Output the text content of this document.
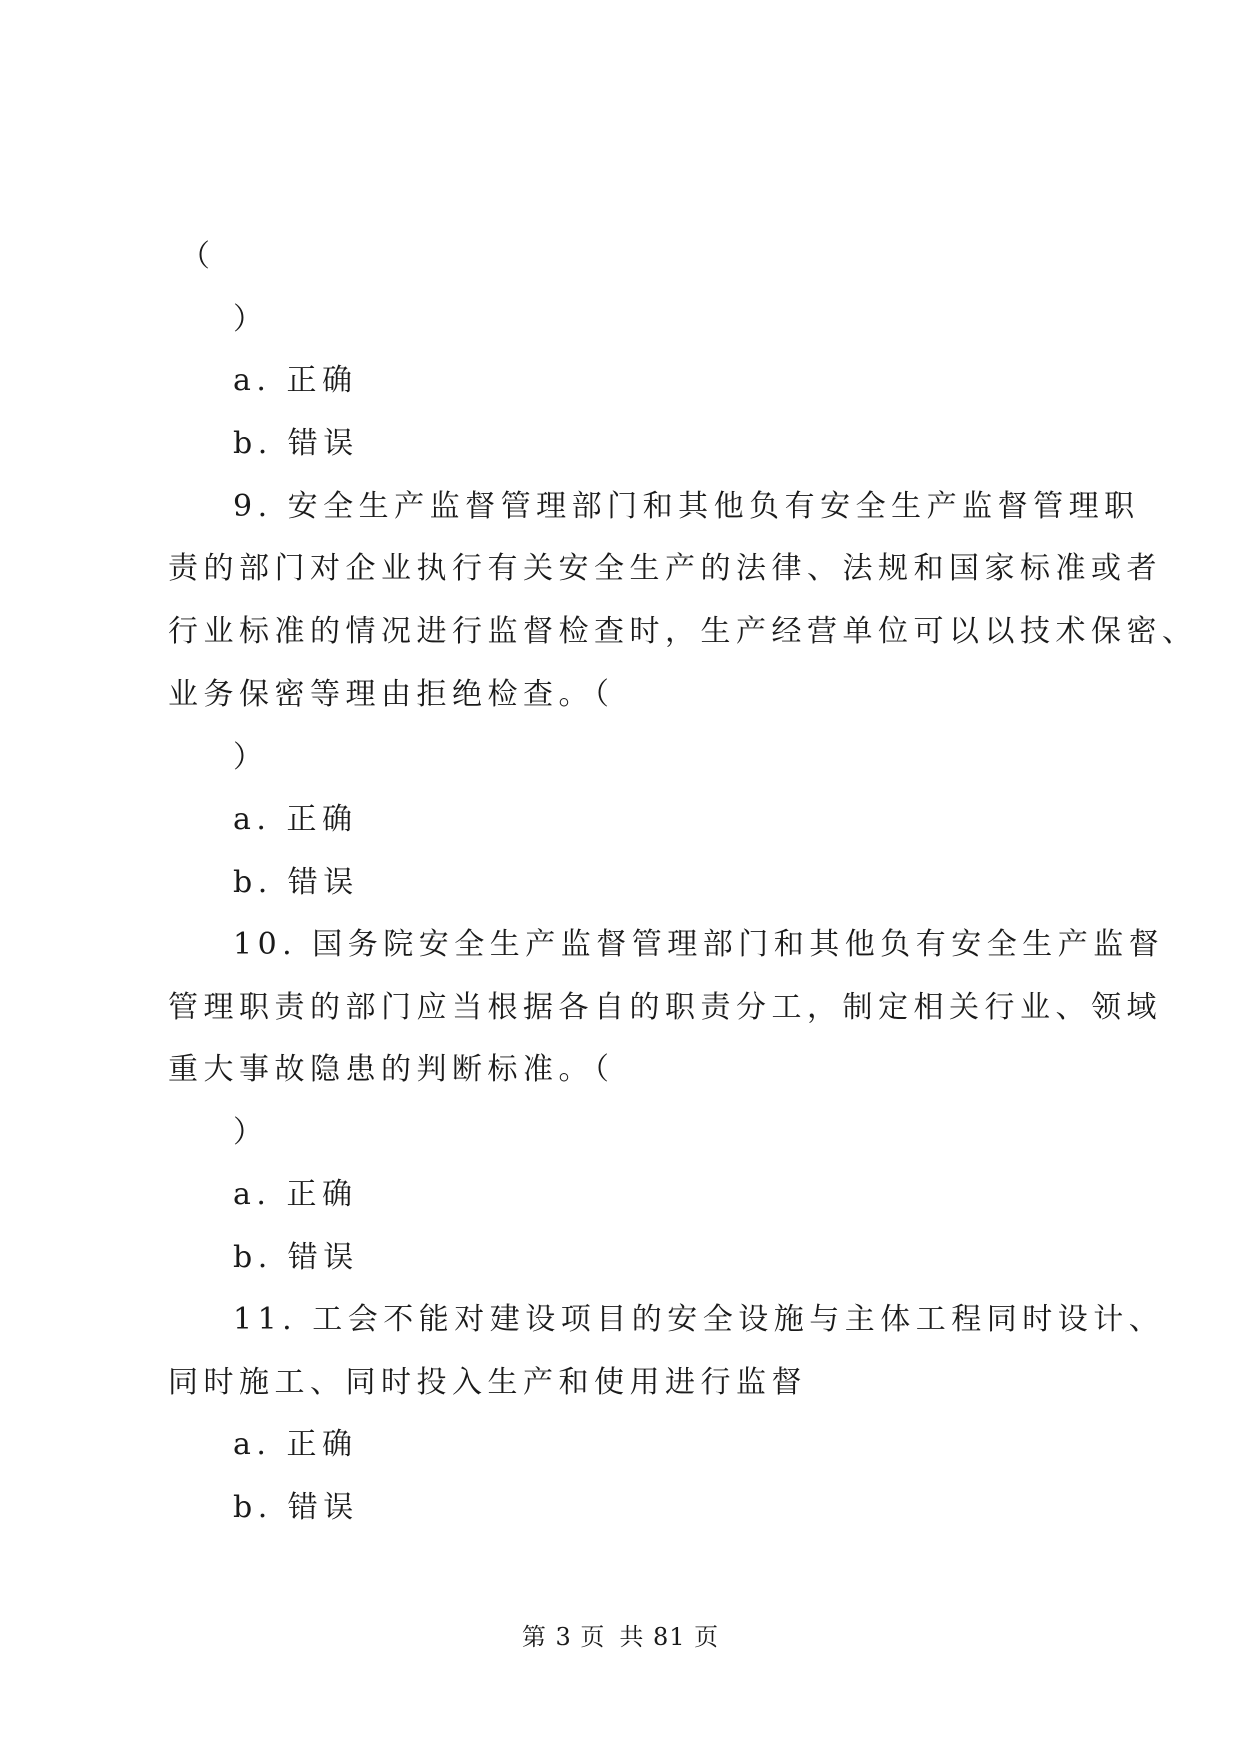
（
）
a. 正确
b. 错误
9. 安全生产监督管理部门和其他负有安全生产监督管理职
责的部门对企业执行有关安全生产的法律、法规和国家标准或者
行业标准的情况进行监督检查时，生产经营单位可以以技术保密、
业务保密等理由拒绝检查。（
）
a. 正确
b. 错误
10. 国务院安全生产监督管理部门和其他负有安全生产监督
管理职责的部门应当根据各自的职责分工，制定相关行业、领域
重大事故隐患的判断标准。（
）
a. 正确
b. 错误
11. 工会不能对建设项目的安全设施与主体工程同时设计、
同时施工、同时投入生产和使用进行监督
a. 正确
b. 错误
第 3 页 共 81 页
